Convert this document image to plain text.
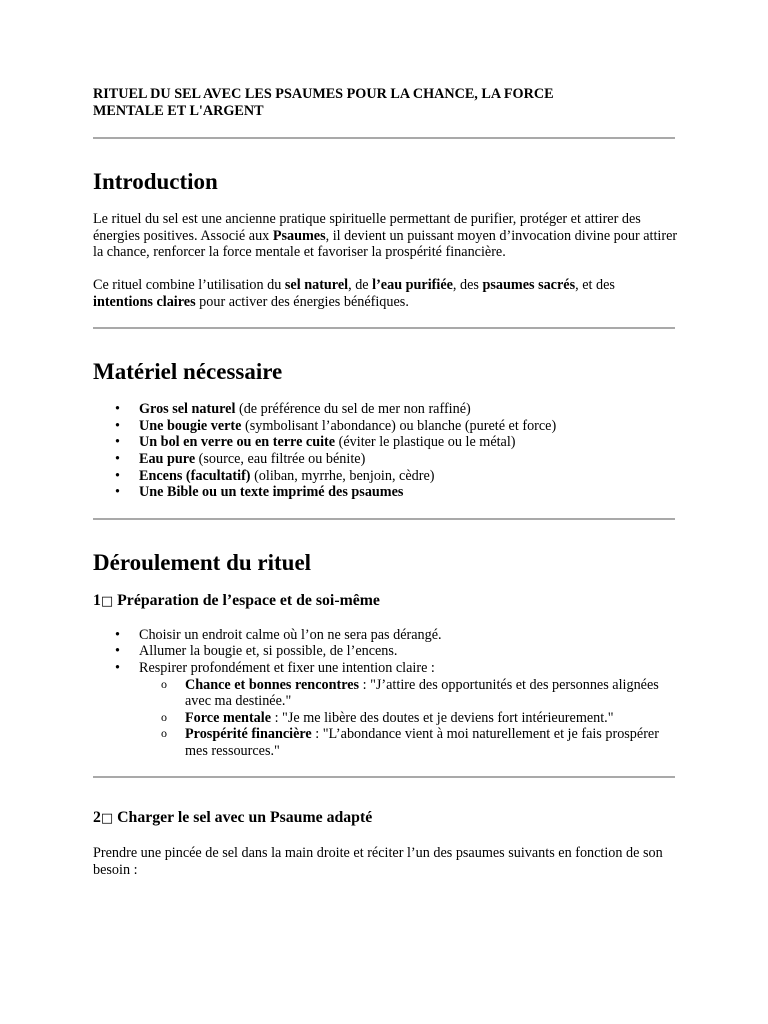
RITUEL DU SEL AVEC LES PSAUMES POUR LA CHANCE, LA FORCE
MENTALE ET L'ARGENT

Introduction

Le rituel du sel est une ancienne pratique spirituelle permettant de purifier, protéger et attirer des énergies positives. Associé aux Psaumes, il devient un puissant moyen d’invocation divine pour attirer la chance, renforcer la force mentale et favoriser la prospérité financière.

Ce rituel combine l’utilisation du sel naturel, de l’eau purifiée, des psaumes sacrés, et des intentions claires pour activer des énergies bénéfiques.

Matériel nécessaire
• Gros sel naturel (de préférence du sel de mer non raffiné)
• Une bougie verte (symbolisant l’abondance) ou blanche (pureté et force)
• Un bol en verre ou en terre cuite (éviter le plastique ou le métal)
• Eau pure (source, eau filtrée ou bénite)
• Encens (facultatif) (oliban, myrrhe, benjoin, cèdre)
• Une Bible ou un texte imprimé des psaumes
Déroulement du rituel
1□ Préparation de l’espace et de soi-même
• Choisir un endroit calme où l’on ne sera pas dérangé.
• Allumer la bougie et, si possible, de l’encens.
• Respirer profondément et fixer une intention claire :
o Chance et bonnes rencontres : "J’attire des opportunités et des personnes alignées avec ma destinée."
o Force mentale : "Je me libère des doutes et je deviens fort intérieurement."
o Prospérité financière : "L’abondance vient à moi naturellement et je fais prospérer mes ressources."
2□ Charger le sel avec un Psaume adapté

Prendre une pincée de sel dans la main droite et réciter l’un des psaumes suivants en fonction de son besoin :
